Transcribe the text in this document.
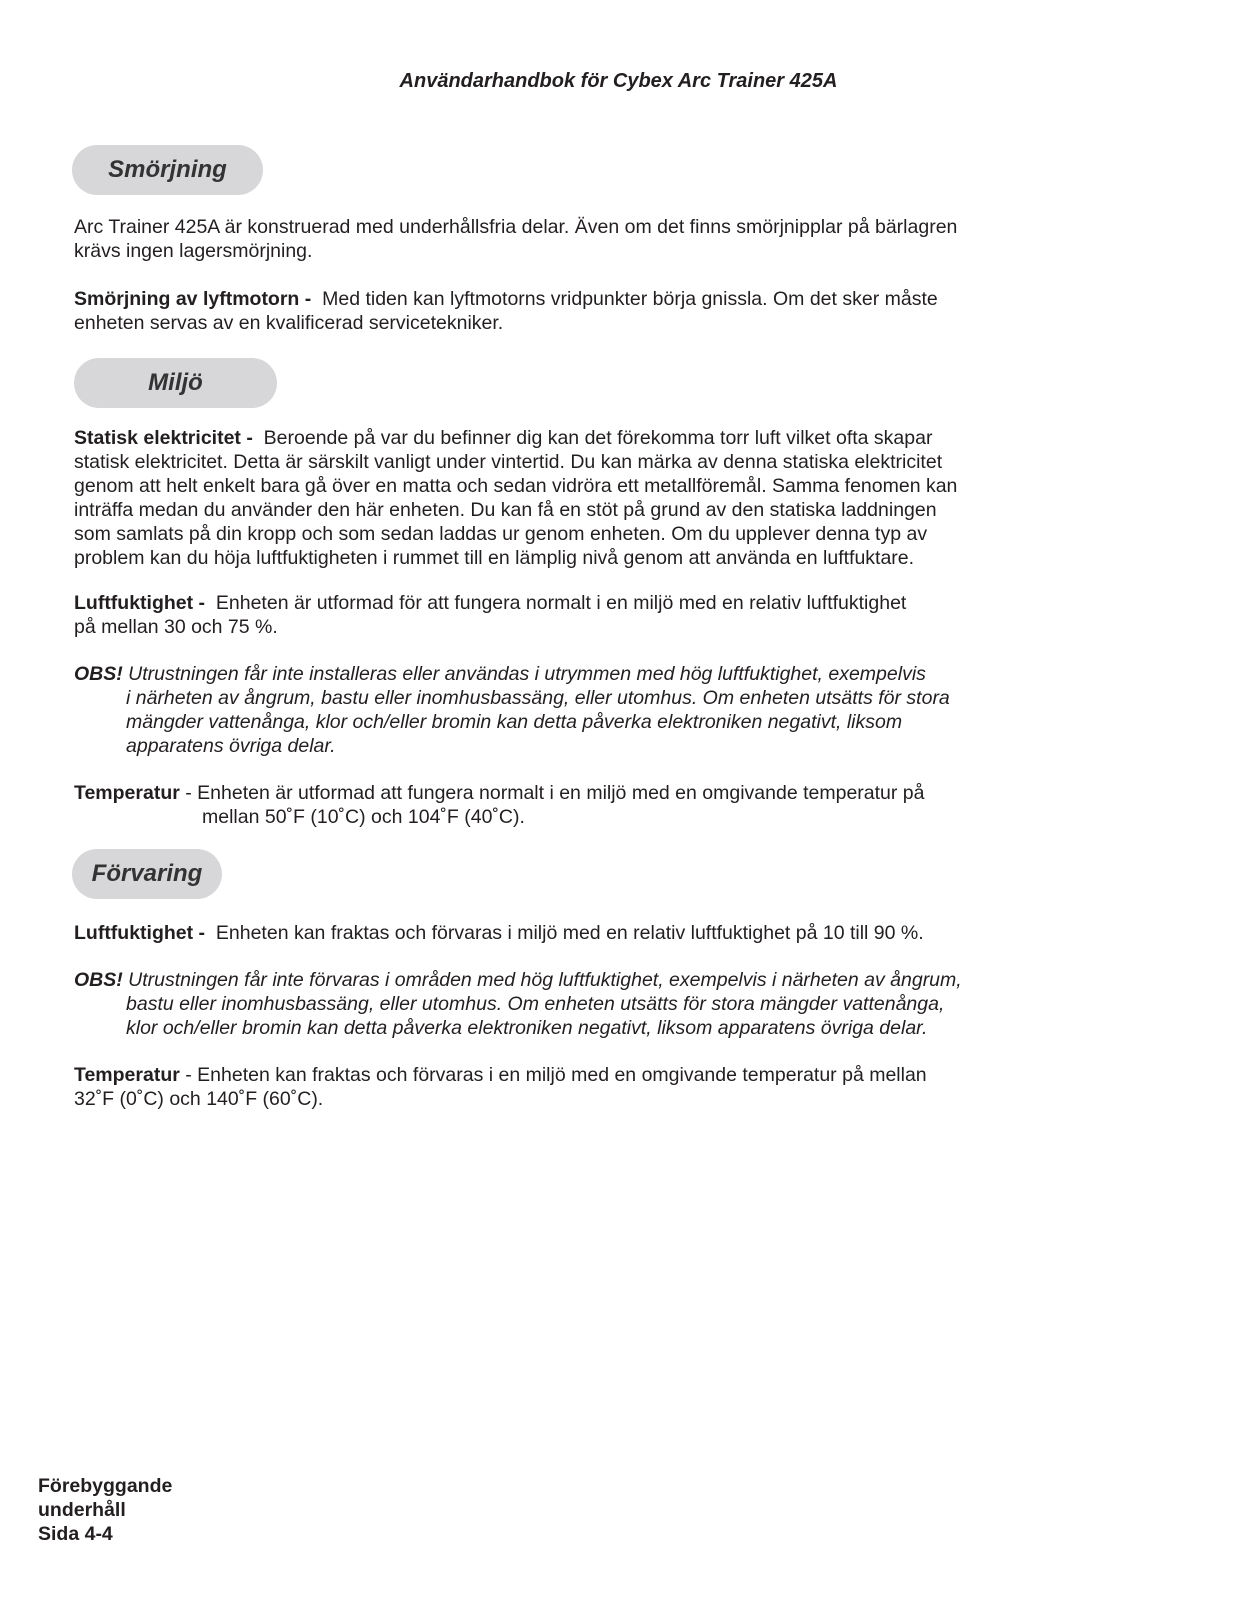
Användarhandbok för Cybex Arc Trainer 425A
Smörjning

Arc Trainer 425A är konstruerad med underhållsfria delar. Även om det finns smörjnipplar på bärlagren

krävs ingen lagersmörjning.

Smörjning av lyftmotorn - Med tiden kan lyftmotorns vridpunkter börja gnissla. Om det sker måste

enheten servas av en kvalificerad servicetekniker.

Miljö

Statisk elektricitet - Beroende på var du befinner dig kan det förekomma torr luft vilket ofta skapar

statisk elektricitet. Detta är särskilt vanligt under vintertid. Du kan märka av denna statiska elektricitet

genom att helt enkelt bara gå över en matta och sedan vidröra ett metallföremål. Samma fenomen kan

inträffa medan du använder den här enheten. Du kan få en stöt på grund av den statiska laddningen

som samlats på din kropp och som sedan laddas ur genom enheten. Om du upplever denna typ av

problem kan du höja luftfuktigheten i rummet till en lämplig nivå genom att använda en luftfuktare.

Luftfuktighet - Enheten är utformad för att fungera normalt i en miljö med en relativ luftfuktighet

på mellan 30 och 75 %.

OBS! Utrustningen får inte installeras eller användas i utrymmen med hög luftfuktighet, exempelvis

i närheten av ångrum, bastu eller inomhusbassäng, eller utomhus. Om enheten utsätts för stora

mängder vattenånga, klor och/eller bromin kan detta påverka elektroniken negativt, liksom

apparatens övriga delar.

Temperatur - Enheten är utformad att fungera normalt i en miljö med en omgivande temperatur på

mellan 50˚F (10˚C) och 104˚F (40˚C).

Förvaring

Luftfuktighet - Enheten kan fraktas och förvaras i miljö med en relativ luftfuktighet på 10 till 90 %.

OBS! Utrustningen får inte förvaras i områden med hög luftfuktighet, exempelvis i närheten av ångrum,

bastu eller inomhusbassäng, eller utomhus. Om enheten utsätts för stora mängder vattenånga,

klor och/eller bromin kan detta påverka elektroniken negativt, liksom apparatens övriga delar.

Temperatur - Enheten kan fraktas och förvaras i en miljö med en omgivande temperatur på mellan

32˚F (0˚C) och 140˚F (60˚C).

Förebyggande
underhåll
Sida 4-4
